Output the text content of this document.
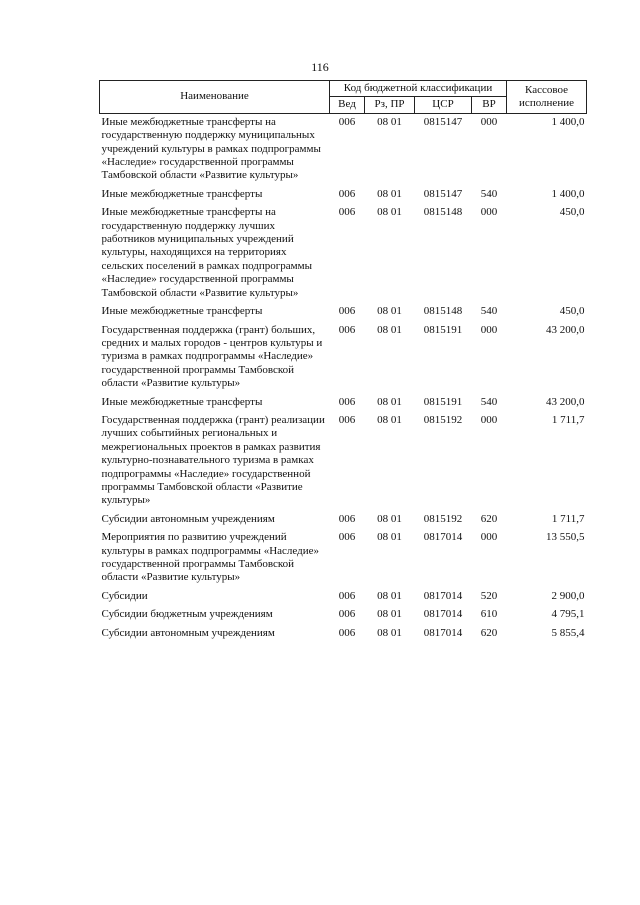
116
Наименование	Код бюджетной классификации				Кассовое исполнение
	Вед	Рз, ПР	ЦСР	ВР	
Иные межбюджетные трансферты на государственную поддержку муниципальных учреждений культуры в рамках подпрограммы «Наследие» государственной программы Тамбовской области «Развитие культуры»	006	08 01	0815147	000	1 400,0
Иные межбюджетные трансферты	006	08 01	0815147	540	1 400,0
Иные межбюджетные трансферты на государственную поддержку лучших работников муниципальных учреждений культуры, находящихся на территориях сельских поселений в рамках подпрограммы «Наследие» государственной программы Тамбовской области «Развитие культуры»	006	08 01	0815148	000	450,0
Иные межбюджетные трансферты	006	08 01	0815148	540	450,0
Государственная поддержка (грант) больших, средних и малых городов - центров культуры и туризма в рамках подпрограммы «Наследие» государственной программы Тамбовской области «Развитие культуры»	006	08 01	0815191	000	43 200,0
Иные межбюджетные трансферты	006	08 01	0815191	540	43 200,0
Государственная поддержка (грант) реализации лучших событийных региональных и межрегиональных проектов в рамках развития культурно-познавательного туризма в рамках подпрограммы «Наследие» государственной программы Тамбовской области «Развитие культуры»	006	08 01	0815192	000	1 711,7
Субсидии автономным учреждениям	006	08 01	0815192	620	1 711,7
Мероприятия по развитию учреждений культуры в рамках подпрограммы «Наследие» государственной программы Тамбовской области «Развитие культуры»	006	08 01	0817014	000	13 550,5
Субсидии	006	08 01	0817014	520	2 900,0
Субсидии бюджетным учреждениям	006	08 01	0817014	610	4 795,1
Субсидии автономным учреждениям	006	08 01	0817014	620	5 855,4
